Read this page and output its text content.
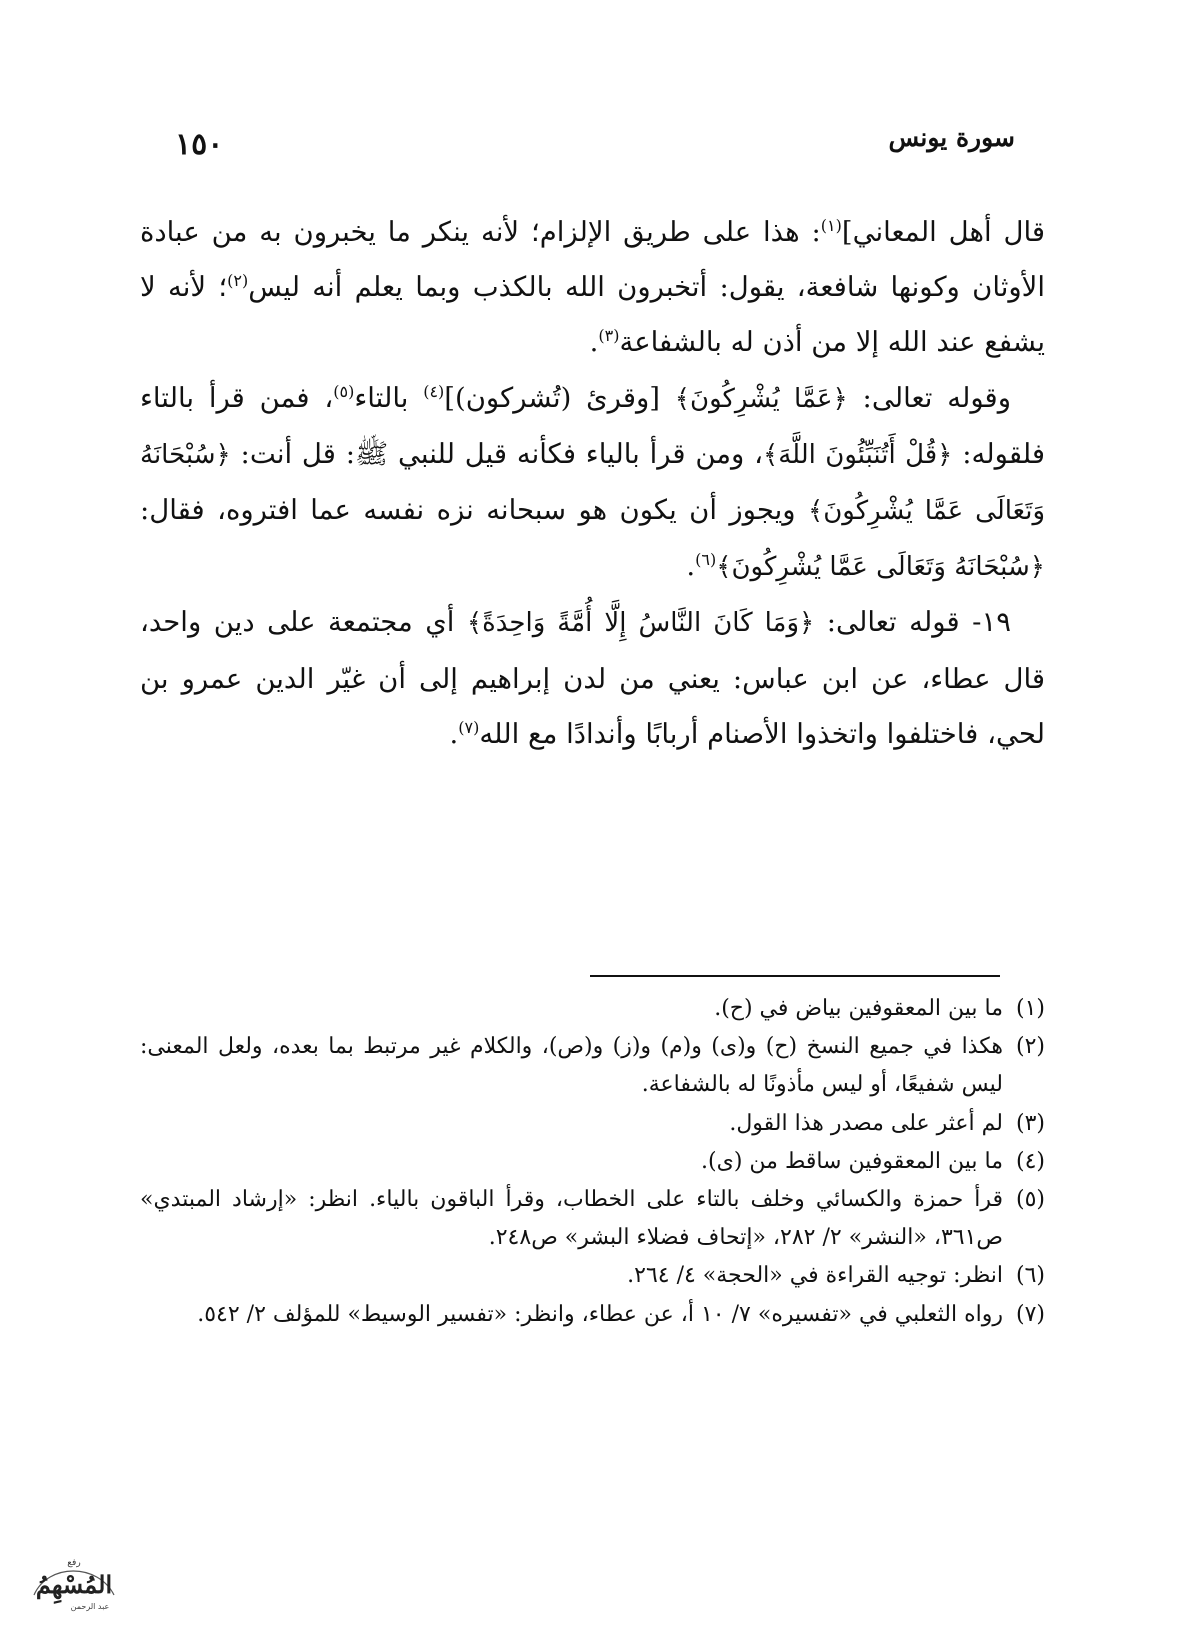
سورة يونس
١٥٠

قال أهل المعاني]$^{(١)}$: هذا على طريق الإلزام؛ لأنه ينكر ما يخبرون به من عبادة الأوثان وكونها شافعة، يقول: أتخبرون الله بالكذب وبما يعلم أنه ليس$^{(٢)}$؛ لأنه لا يشفع عند الله إلا من أذن له بالشفاعة$^{(٣)}$.

وقوله تعالى: ﴿عَمَّا يُشْرِكُونَ﴾ [وقرئ (تُشركون)]$^{(٤)}$ بالتاء$^{(٥)}$، فمن قرأ بالتاء فلقوله: ﴿قُلْ أَتُنَبِّئُونَ اللَّهَ﴾، ومن قرأ بالياء فكأنه قيل للنبي ﷺ: قل أنت: ﴿سُبْحَانَهُ وَتَعَالَى عَمَّا يُشْرِكُونَ﴾ ويجوز أن يكون هو سبحانه نزه نفسه عما افتروه، فقال: ﴿سُبْحَانَهُ وَتَعَالَى عَمَّا يُشْرِكُونَ﴾$^{(٦)}$.

١٩- قوله تعالى: ﴿وَمَا كَانَ النَّاسُ إِلَّا أُمَّةً وَاحِدَةً﴾ أي مجتمعة على دين واحد، قال عطاء، عن ابن عباس: يعني من لدن إبراهيم إلى أن غيّر الدين عمرو بن لحي، فاختلفوا واتخذوا الأصنام أربابًا وأندادًا مع الله$^{(٧)}$.

(١)
ما بين المعقوفين بياض في (ح).
(٢)
هكذا في جميع النسخ (ح) و(ى) و(م) و(ز) و(ص)، والكلام غير مرتبط بما بعده، ولعل المعنى: ليس شفيعًا، أو ليس مأذونًا له بالشفاعة.
(٣)
لم أعثر على مصدر هذا القول.
(٤)
ما بين المعقوفين ساقط من (ى).
(٥)
قرأ حمزة والكسائي وخلف بالتاء على الخطاب، وقرأ الباقون بالياء. انظر: «إرشاد المبتدي» ص٣٦١، «النشر» ٢/ ٢٨٢، «إتحاف فضلاء البشر» ص٢٤٨.
(٦)
انظر: توجيه القراءة في «الحجة» ٤/ ٢٦٤.
(٧)
رواه الثعلبي في «تفسيره» ٧/ ١٠ أ، عن عطاء، وانظر: «تفسير الوسيط» للمؤلف ٢/ ٥٤٢.
رفع
المُسْهِمُ
عبد الرحمن
